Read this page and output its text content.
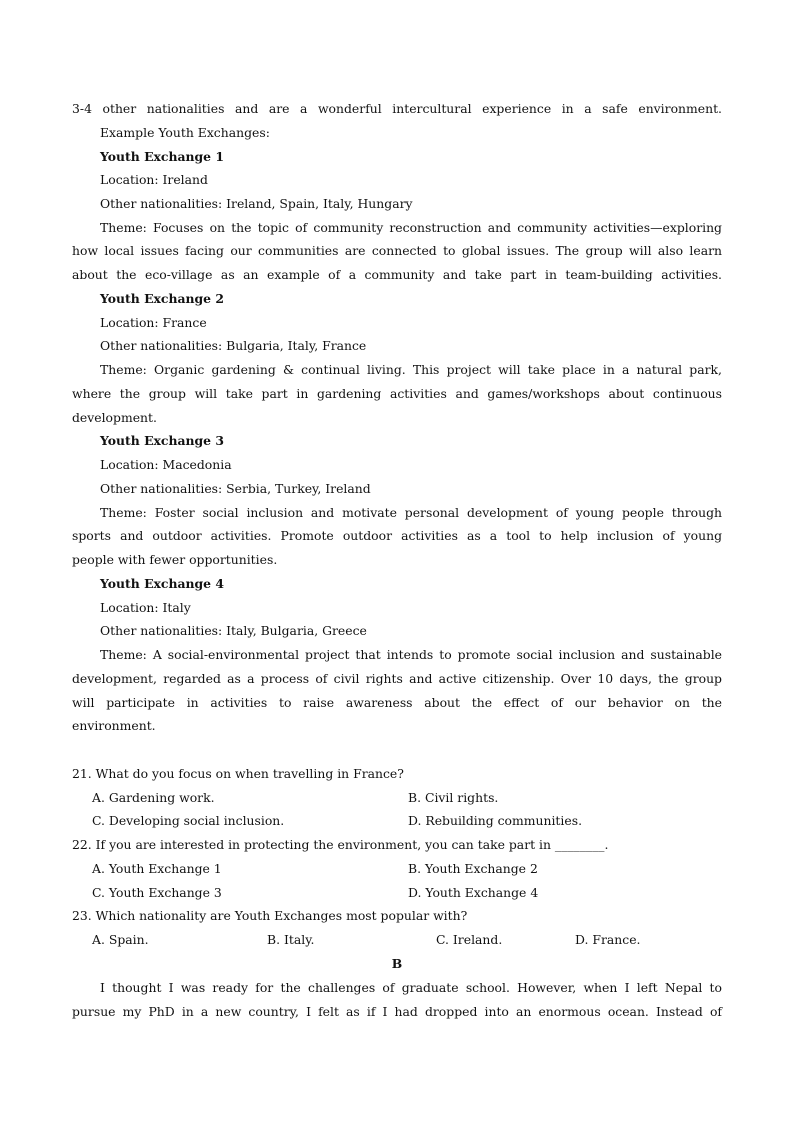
3-4 other nationalities and are a wonderful intercultural experience in a safe environment.
Example Youth Exchanges:
Youth Exchange 1
Location: Ireland
Other nationalities: Ireland, Spain, Italy, Hungary
Theme: Focuses on the topic of community reconstruction and community activities—exploring
how local issues facing our communities are connected to global issues. The group will also learn
about the eco-village as an example of a community and take part in team-building activities.
Youth Exchange 2
Location: France
Other nationalities: Bulgaria, Italy, France
Theme: Organic gardening & continual living. This project will take place in a natural park,
where the group will take part in gardening activities and games/workshops about continuous
development.
Youth Exchange 3
Location: Macedonia
Other nationalities: Serbia, Turkey, Ireland
Theme: Foster social inclusion and motivate personal development of young people through
sports and outdoor activities. Promote outdoor activities as a tool to help inclusion of young
people with fewer opportunities.
Youth Exchange 4
Location: Italy
Other nationalities: Italy, Bulgaria, Greece
Theme: A social-environmental project that intends to promote social inclusion and sustainable
development, regarded as a process of civil rights and active citizenship. Over 10 days, the group
will participate in activities to raise awareness about the effect of our behavior on the
environment.
21. What do you focus on when travelling in France?
A. Gardening work.	B. Civil rights.
C. Developing social inclusion.	D. Rebuilding communities.
22. If you are interested in protecting the environment, you can take part in ________.
A. Youth Exchange 1	B. Youth Exchange 2
C. Youth Exchange 3	D. Youth Exchange 4
23. Which nationality are Youth Exchanges most popular with?
A. Spain.	B. Italy.	C. Ireland.	D. France.
B
I thought I was ready for the challenges of graduate school. However, when I left Nepal to
pursue my PhD in a new country, I felt as if I had dropped into an enormous ocean. Instead of
